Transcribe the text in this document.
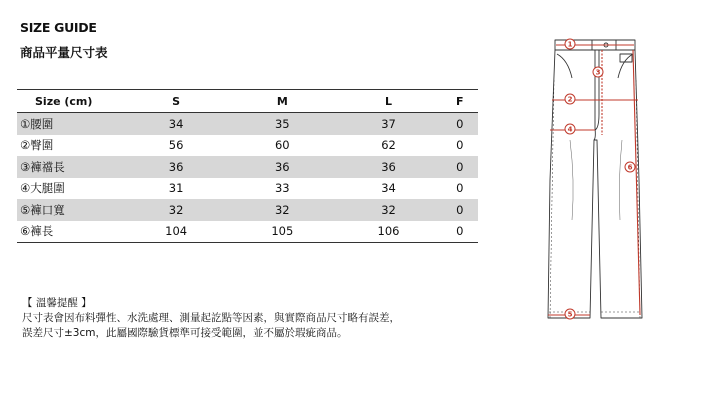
SIZE GUIDE
商品平量尺寸表
Size (cm)	S	M	L	F
①腰圍	34	35	37	0
②臀圍	56	60	62	0
③褲襠長	36	36	36	0
④大腿圍	31	33	34	0
⑤褲口寬	32	32	32	0
⑥褲長	104	105	106	0
【 溫馨提醒 】
尺寸表會因布料彈性、水洗處理、測量起訖點等因素，與實際商品尺寸略有誤差，
誤差尺寸±3cm，此屬國際驗貨標準可接受範圍，並不屬於瑕疵商品。
1
2
3
4
5
6
